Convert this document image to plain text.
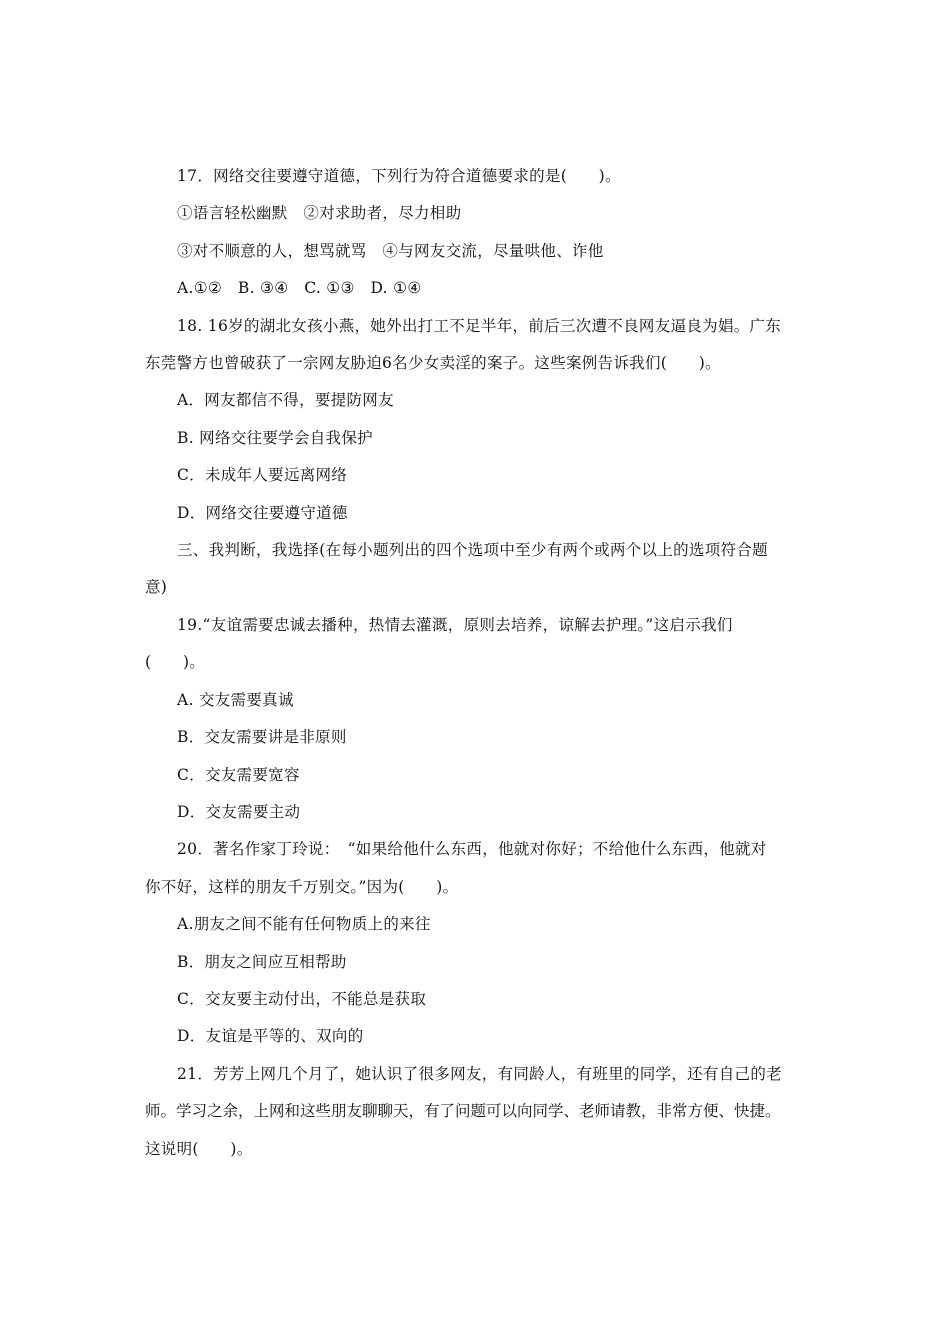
17．网络交往要遵守道德，下列行为符合道德要求的是(　　)。
①语言轻松幽默　②对求助者，尽力相助
③对不顺意的人，想骂就骂　④与网友交流，尽量哄他、诈他
A.①②　B. ③④　C. ①③　D. ①④
18. 16岁的湖北女孩小燕，她外出打工不足半年，前后三次遭不良网友逼良为娼。广东
东莞警方也曾破获了一宗网友胁迫6名少女卖淫的案子。这些案例告诉我们(　　)。
A．网友都信不得，要提防网友
B. 网络交往要学会自我保护
C．未成年人要远离网络
D．网络交往要遵守道德
三、我判断，我选择(在每小题列出的四个选项中至少有两个或两个以上的选项符合题
意)
19.“友谊需要忠诚去播种，热情去灌溉，原则去培养，谅解去护理。”这启示我们
(　　)。
A. 交友需要真诚
B．交友需要讲是非原则
C．交友需要宽容
D．交友需要主动
20．著名作家丁玲说：　“如果给他什么东西，他就对你好；不给他什么东西，他就对
你不好，这样的朋友千万别交。”因为(　　)。
A.朋友之间不能有任何物质上的来往
B．朋友之间应互相帮助
C．交友要主动付出，不能总是获取
D．友谊是平等的、双向的
21．芳芳上网几个月了，她认识了很多网友，有同龄人，有班里的同学，还有自己的老
师。学习之余，上网和这些朋友聊聊天，有了问题可以向同学、老师请教，非常方便、快捷。
这说明(　　)。
